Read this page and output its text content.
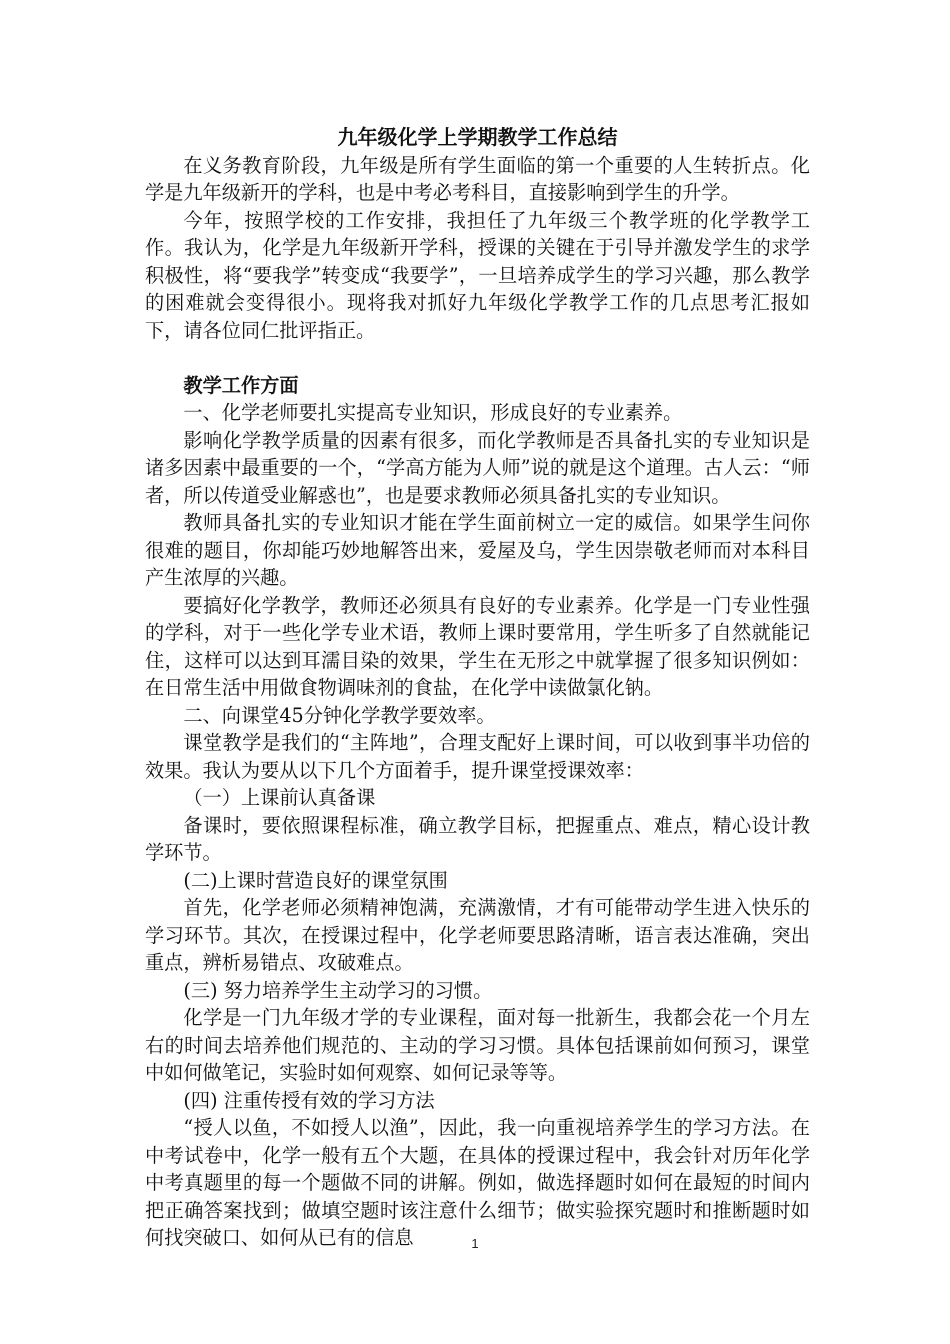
九年级化学上学期教学工作总结

在义务教育阶段，九年级是所有学生面临的第一个重要的人生转折点。化学是九年级新开的学科，也是中考必考科目，直接影响到学生的升学。

今年，按照学校的工作安排，我担任了九年级三个教学班的化学教学工作。我认为，化学是九年级新开学科，授课的关键在于引导并激发学生的求学积极性，将“要我学”转变成“我要学”，一旦培养成学生的学习兴趣，那么教学的困难就会变得很小。现将我对抓好九年级化学教学工作的几点思考汇报如下，请各位同仁批评指正。

教学工作方面

一、化学老师要扎实提高专业知识，形成良好的专业素养。

影响化学教学质量的因素有很多，而化学教师是否具备扎实的专业知识是诸多因素中最重要的一个，“学高方能为人师”说的就是这个道理。古人云：“师者，所以传道受业解惑也”，也是要求教师必须具备扎实的专业知识。

教师具备扎实的专业知识才能在学生面前树立一定的威信。如果学生问你很难的题目，你却能巧妙地解答出来，爱屋及乌，学生因崇敬老师而对本科目产生浓厚的兴趣。

要搞好化学教学，教师还必须具有良好的专业素养。化学是一门专业性强的学科，对于一些化学专业术语，教师上课时要常用，学生听多了自然就能记住，这样可以达到耳濡目染的效果，学生在无形之中就掌握了很多知识例如：在日常生活中用做食物调味剂的食盐，在化学中读做氯化钠。

二、向课堂45分钟化学教学要效率。

课堂教学是我们的“主阵地”，合理支配好上课时间，可以收到事半功倍的效果。我认为要从以下几个方面着手，提升课堂授课效率：

（一）上课前认真备课

备课时，要依照课程标准，确立教学目标，把握重点、难点，精心设计教学环节。

(二)上课时营造良好的课堂氛围

首先，化学老师必须精神饱满，充满激情，才有可能带动学生进入快乐的学习环节。其次，在授课过程中，化学老师要思路清晰，语言表达准确，突出重点，辨析易错点、攻破难点。

(三) 努力培养学生主动学习的习惯。

化学是一门九年级才学的专业课程，面对每一批新生，我都会花一个月左右的时间去培养他们规范的、主动的学习习惯。具体包括课前如何预习，课堂中如何做笔记，实验时如何观察、如何记录等等。

(四) 注重传授有效的学习方法

“授人以鱼，不如授人以渔”，因此，我一向重视培养学生的学习方法。在中考试卷中，化学一般有五个大题，在具体的授课过程中，我会针对历年化学中考真题里的每一个题做不同的讲解。例如，做选择题时如何在最短的时间内把正确答案找到；做填空题时该注意什么细节；做实验探究题时和推断题时如何找突破口、如何从已有的信息	1
